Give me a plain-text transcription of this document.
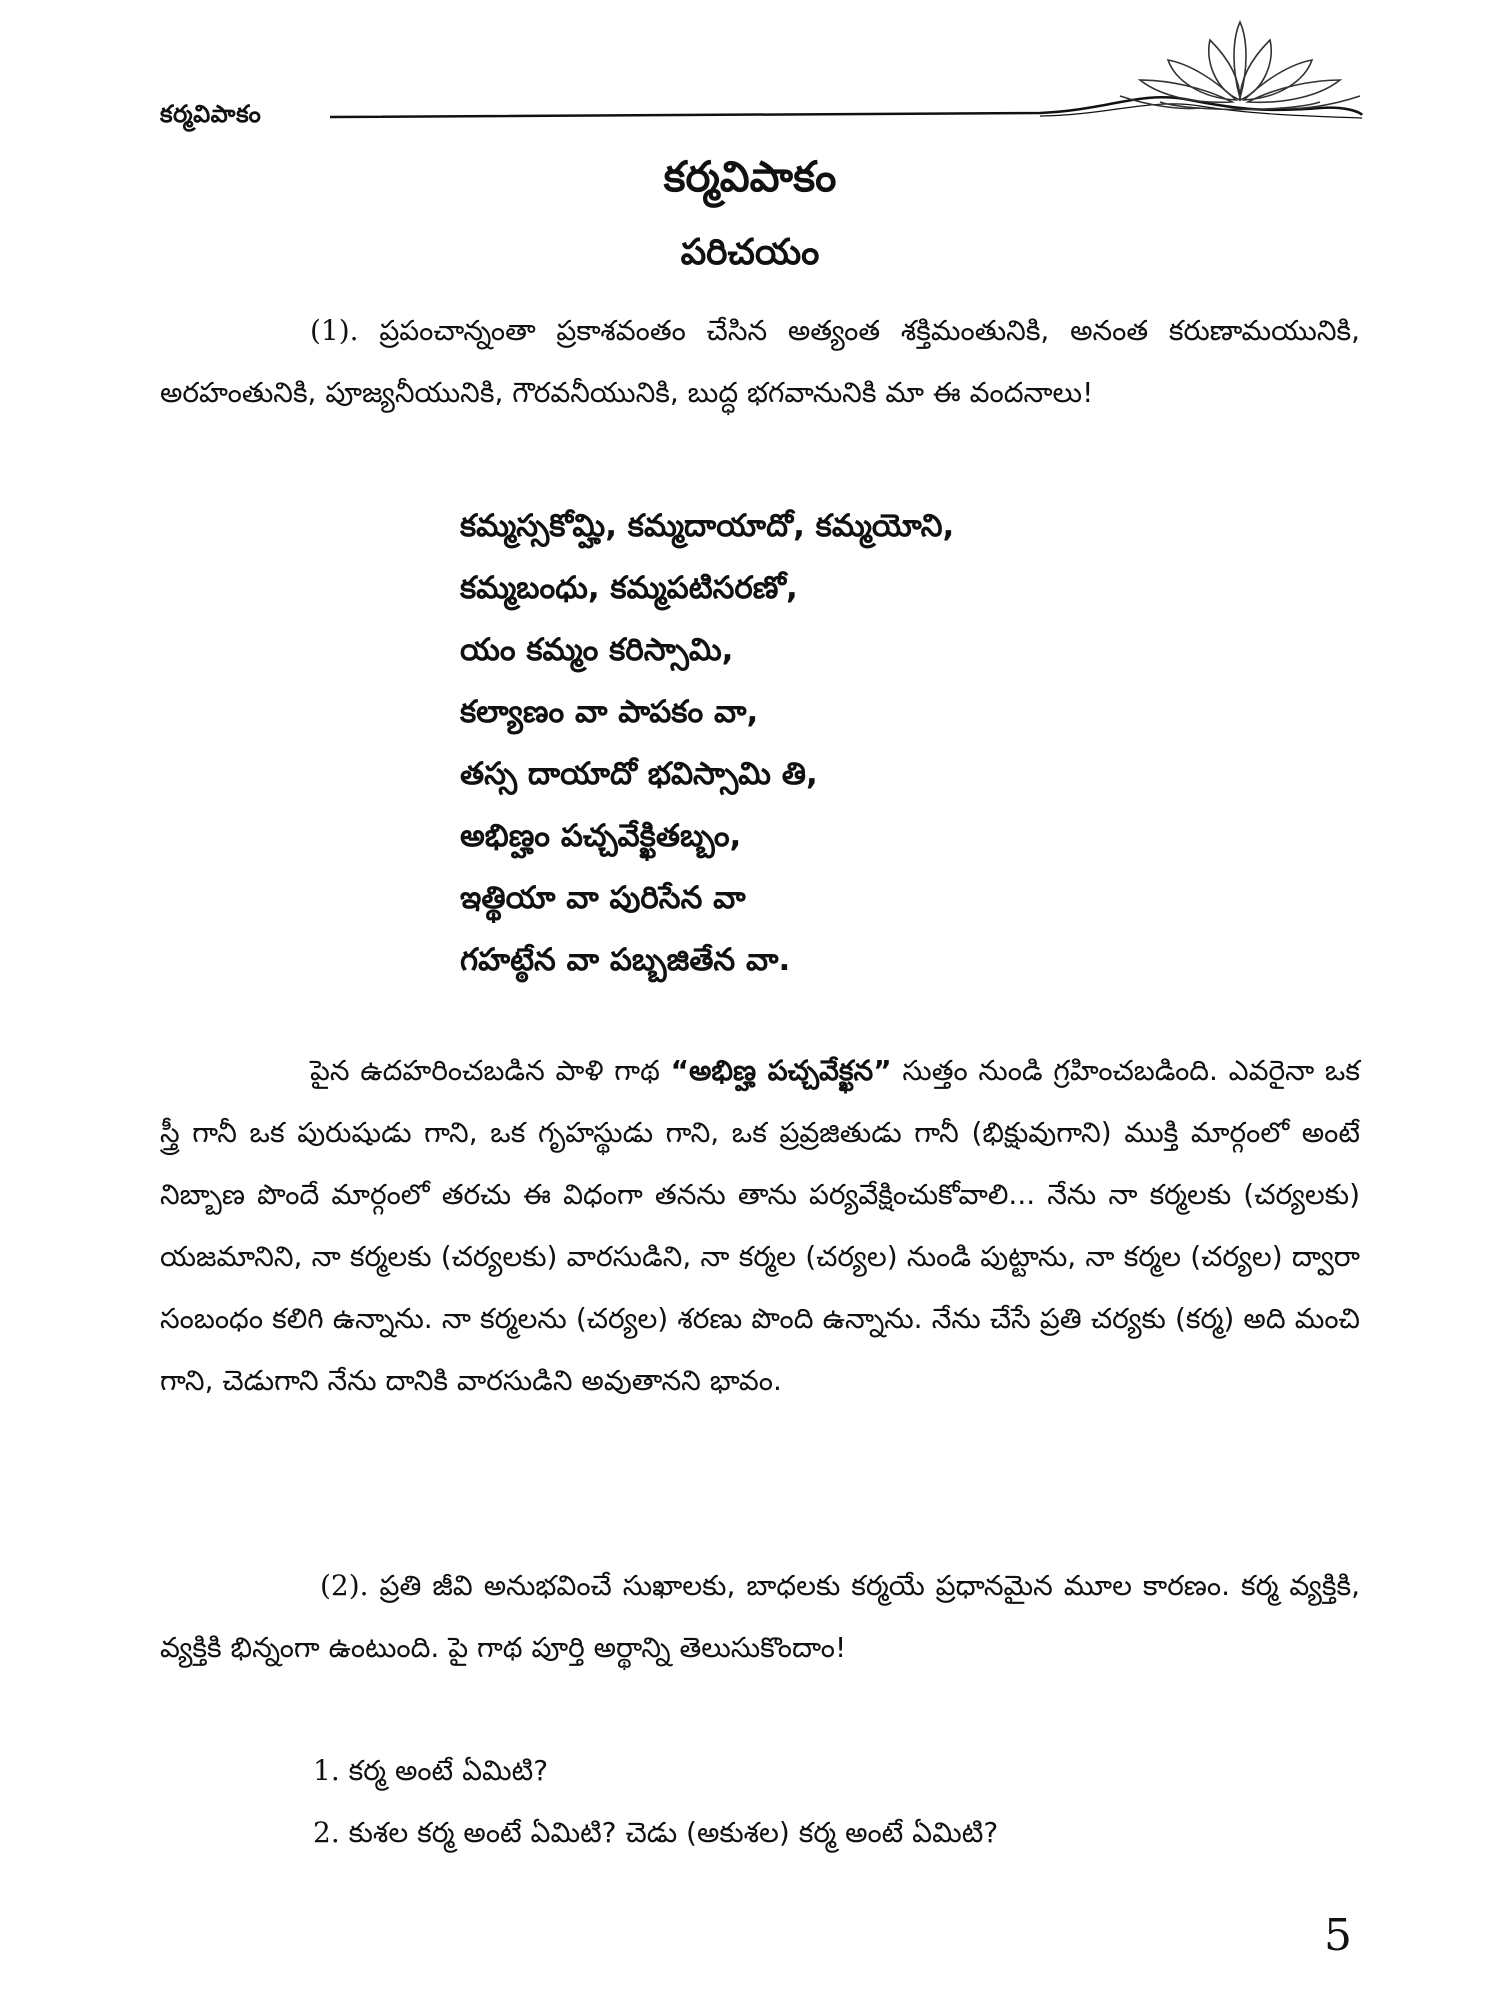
కర్మవిపాకం
కర్మవిపాకం
పరిచయం
(1). ప్రపంచాన్నంతా ప్రకాశవంతం చేసిన అత్యంత శక్తిమంతునికి, అనంత కరుణామయునికి, అరహంతునికి, పూజ్యనీయునికి, గౌరవనీయునికి, బుద్ధ భగవానునికి మా ఈ వందనాలు!
కమ్మస్సకోమ్హి, కమ్మదాయాదో, కమ్మయోని,
కమ్మబంధు, కమ్మపటిసరణో,
యం కమ్మం కరిస్సామి,
కల్యాణం వా పాపకం వా,
తస్స దాయాదో భవిస్సామి తి,
అభిణ్హం పచ్చవేక్ఖితబ్బం,
ఇత్థియా వా పురిసేన వా
గహట్ఠేన వా పబ్బజితేన వా.
పైన ఉదహరించబడిన పాళి గాథ “అభిణ్హ పచ్చవేక్ఖన” సుత్తం నుండి గ్రహించబడింది. ఎవరైనా ఒక స్త్రీ గానీ ఒక పురుషుడు గాని, ఒక గృహస్థుడు గాని, ఒక ప్రవ్రజితుడు గానీ (భిక్షువుగాని) ముక్తి మార్గంలో అంటే నిబ్బాణ పొందే మార్గంలో తరచు ఈ విధంగా తనను తాను పర్యవేక్షించుకోవాలి... నేను నా కర్మలకు (చర్యలకు) యజమానిని, నా కర్మలకు (చర్యలకు) వారసుడిని, నా కర్మల (చర్యల) నుండి పుట్టాను, నా కర్మల (చర్యల) ద్వారా సంబంధం కలిగి ఉన్నాను. నా కర్మలను (చర్యల) శరణు పొంది ఉన్నాను. నేను చేసే ప్రతి చర్యకు (కర్మ) అది మంచి గాని, చెడుగాని నేను దానికి వారసుడిని అవుతానని భావం.
(2). ప్రతి జీవి అనుభవించే సుఖాలకు, బాధలకు కర్మయే ప్రధానమైన మూల కారణం. కర్మ వ్యక్తికి, వ్యక్తికి భిన్నంగా ఉంటుంది. పై గాథ పూర్తి అర్థాన్ని తెలుసుకొందాం!
1. కర్మ అంటే ఏమిటి?
2. కుశల కర్మ అంటే ఏమిటి? చెడు (అకుశల) కర్మ అంటే ఏమిటి?
5
